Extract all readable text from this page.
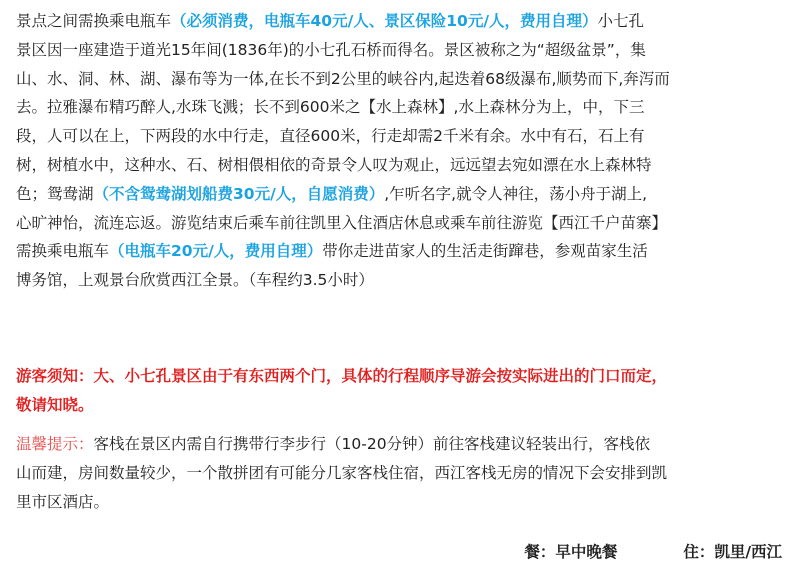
景点之间需换乘电瓶车（必须消费，电瓶车40元/人、景区保险10元/人，费用自理）小七孔
景区因一座建造于道光15年间(1836年)的小七孔石桥而得名。景区被称之为“超级盆景”，集
山、水、洞、林、湖、瀑布等为一体,在长不到2公里的峡谷内,起迭着68级瀑布,顺势而下,奔泻而
去。拉雅瀑布精巧醉人,水珠飞溅；长不到600米之【水上森林】,水上森林分为上，中，下三
段，人可以在上，下两段的水中行走，直径600米，行走却需2千米有余。水中有石，石上有
树，树植水中，这种水、石、树相偎相依的奇景令人叹为观止，远远望去宛如漂在水上森林特
色；鸳鸯湖（不含鸳鸯湖划船费30元/人，自愿消费）,乍听名字,就令人神往，荡小舟于湖上,
心旷神怡，流连忘返。游览结束后乘车前往凯里入住酒店休息或乘车前往游览【西江千户苗寨】
需换乘电瓶车（电瓶车20元/人，费用自理）带你走进苗家人的生活走街蹿巷，参观苗家生活
博务馆，上观景台欣赏西江全景。（车程约3.5小时）
游客须知：大、小七孔景区由于有东西两个门，具体的行程顺序导游会按实际进出的门口而定，
敬请知晓。
温馨提示：客栈在景区内需自行携带行李步行（10-20分钟）前往客栈建议轻装出行，客栈依
山而建，房间数量较少，一个散拼团有可能分几家客栈住宿，西江客栈无房的情况下会安排到凯
里市区酒店。
餐：早中晚餐	住：凯里/西江
